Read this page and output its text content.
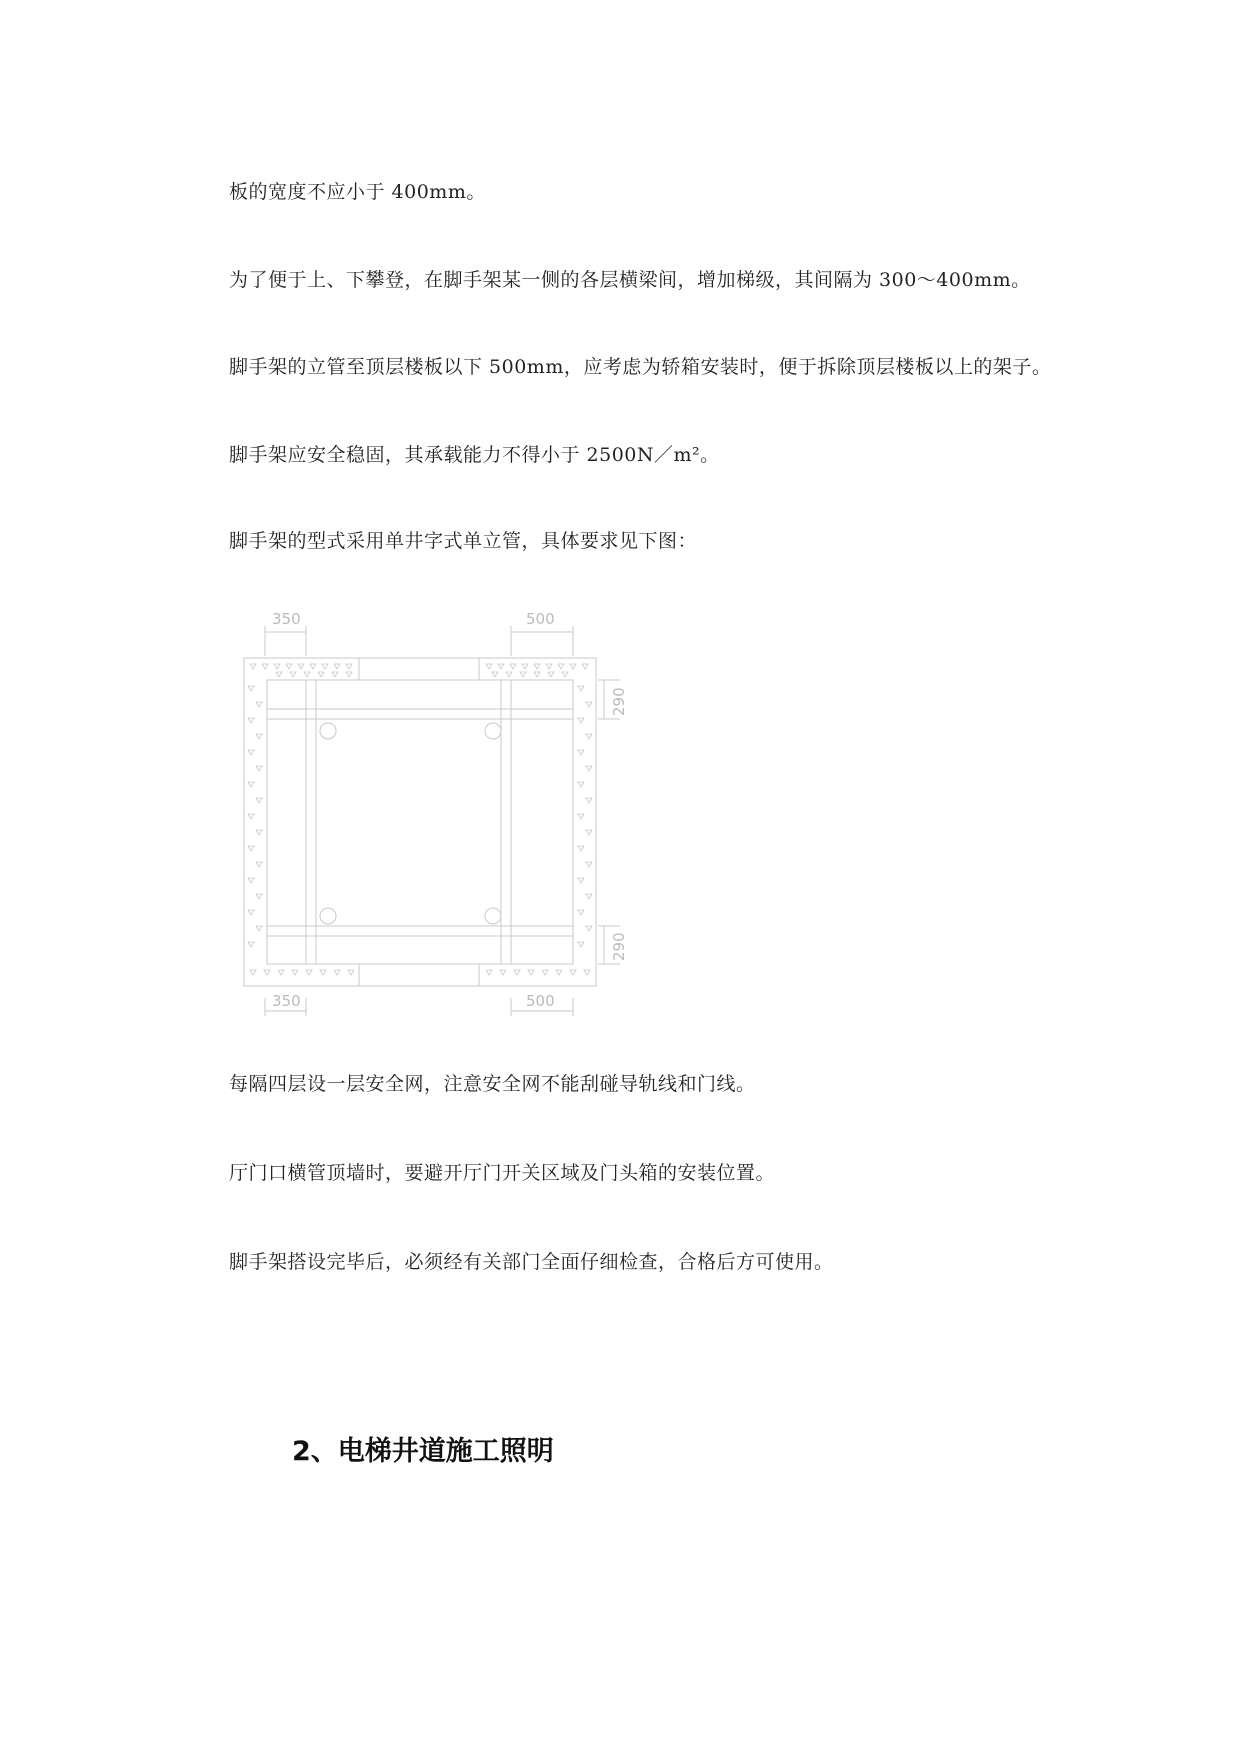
板的宽度不应小于 400mm。
为了便于上、下攀登，在脚手架某一侧的各层横梁间，增加梯级，其间隔为 300～400mm。
脚手架的立管至顶层楼板以下 500mm，应考虑为轿箱安装时，便于拆除顶层楼板以上的架子。
脚手架应安全稳固，其承载能力不得小于 2500N／m²。
脚手架的型式采用单井字式单立管，具体要求见下图：
350	500
350	500
290
290
每隔四层设一层安全网，注意安全网不能刮碰导轨线和门线。
厅门口横管顶墙时，要避开厅门开关区域及门头箱的安装位置。
脚手架搭设完毕后，必须经有关部门全面仔细检查，合格后方可使用。
2、电梯井道施工照明
